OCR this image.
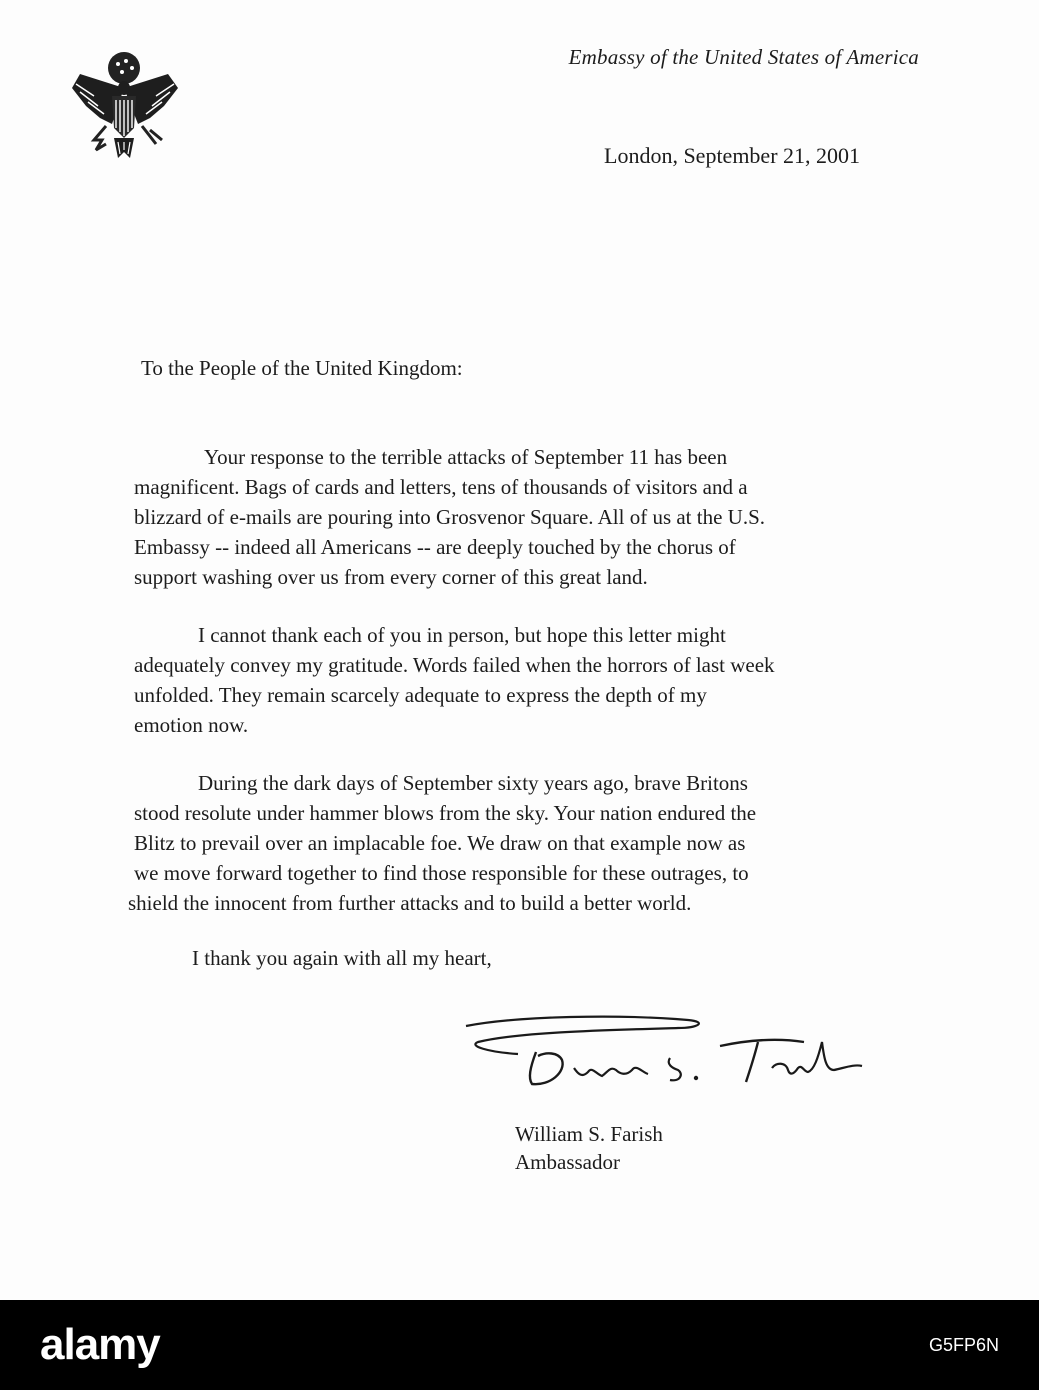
Embassy of the United States of America
London, September 21, 2001
To the People of the United Kingdom:

Your response to the terrible attacks of September 11 has been
magnificent. Bags of cards and letters, tens of thousands of visitors and a
blizzard of e-mails are pouring into Grosvenor Square. All of us at the U.S.
Embassy -- indeed all Americans -- are deeply touched by the chorus of
support washing over us from every corner of this great land.

I cannot thank each of you in person, but hope this letter might
adequately convey my gratitude. Words failed when the horrors of last week
unfolded. They remain scarcely adequate to express the depth of my
emotion now.

During the dark days of September sixty years ago, brave Britons
stood resolute under hammer blows from the sky. Your nation endured the
Blitz to prevail over an implacable foe. We draw on that example now as
we move forward together to find those responsible for these outrages, to
shield the innocent from further attacks and to build a better world.

I thank you again with all my heart,
William S. Farish
Ambassador
alamy	G5FP6N
